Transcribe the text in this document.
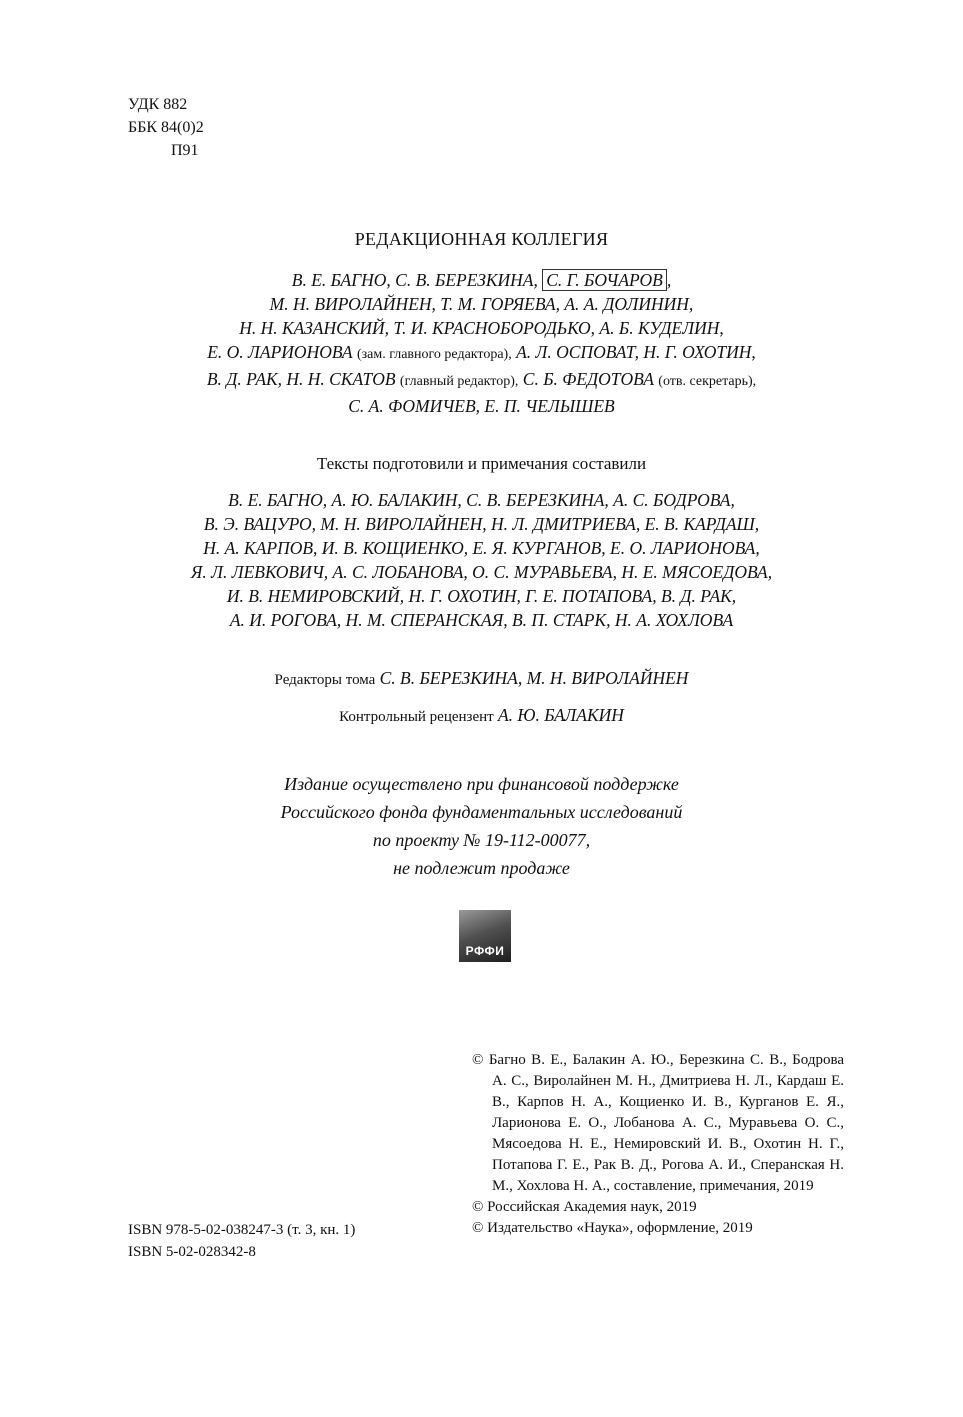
УДК 882
ББК 84(0)2
П91
РЕДАКЦИОННАЯ КОЛЛЕГИЯ
В. Е. БАГНО, С. В. БЕРЕЗКИНА, С. Г. БОЧАРОВ ,
М. Н. ВИРОЛАЙНЕН, Т. М. ГОРЯЕВА, А. А. ДОЛИНИН,
Н. Н. КАЗАНСКИЙ, Т. И. КРАСНОБОРОДЬКО, А. Б. КУДЕЛИН,
Е. О. ЛАРИОНОВА (зам. главного редактора), А. Л. ОСПОВАТ, Н. Г. ОХОТИН,
В. Д. РАК, Н. Н. СКАТОВ (главный редактор), С. Б. ФЕДОТОВА (отв. секретарь),
С. А. ФОМИЧЕВ, Е. П. ЧЕЛЫШЕВ
Тексты подготовили и примечания составили
В. Е. БАГНО, А. Ю. БАЛАКИН, С. В. БЕРЕЗКИНА, А. С. БОДРОВА,
В. Э. ВАЦУРО, М. Н. ВИРОЛАЙНЕН, Н. Л. ДМИТРИЕВА, Е. В. КАРДАШ,
Н. А. КАРПОВ, И. В. КОЩИЕНКО, Е. Я. КУРГАНОВ, Е. О. ЛАРИОНОВА,
Я. Л. ЛЕВКОВИЧ, А. С. ЛОБАНОВА, О. С. МУРАВЬЕВА, Н. Е. МЯСОЕДОВА,
И. В. НЕМИРОВСКИЙ, Н. Г. ОХОТИН, Г. Е. ПОТАПОВА, В. Д. РАК,
А. И. РОГОВА, Н. М. СПЕРАНСКАЯ, В. П. СТАРК, Н. А. ХОХЛОВА
Редакторы тома С. В. БЕРЕЗКИНА, М. Н. ВИРОЛАЙНЕН
Контрольный рецензент А. Ю. БАЛАКИН
Издание осуществлено при финансовой поддержке
Российского фонда фундаментальных исследований
по проекту № 19-112-00077,
не подлежит продаже
РФФИ
ISBN 978-5-02-038247-3 (т. 3, кн. 1)
ISBN 5-02-028342-8
© Багно В. Е., Балакин А. Ю., Березкина С. В., Бодрова А. С., Виролайнен М. Н., Дмитриева Н. Л., Кардаш Е. В., Карпов Н. А., Кощиенко И. В., Курганов Е. Я., Ларионова Е. О., Лобанова А. С., Муравьева О. С., Мясоедова Н. Е., Немировский И. В., Охотин Н. Г., Потапова Г. Е., Рак В. Д., Рогова А. И., Сперанская Н. М., Хохлова Н. А., составление, примечания, 2019
© Российская Академия наук, 2019
© Издательство «Наука», оформление, 2019
